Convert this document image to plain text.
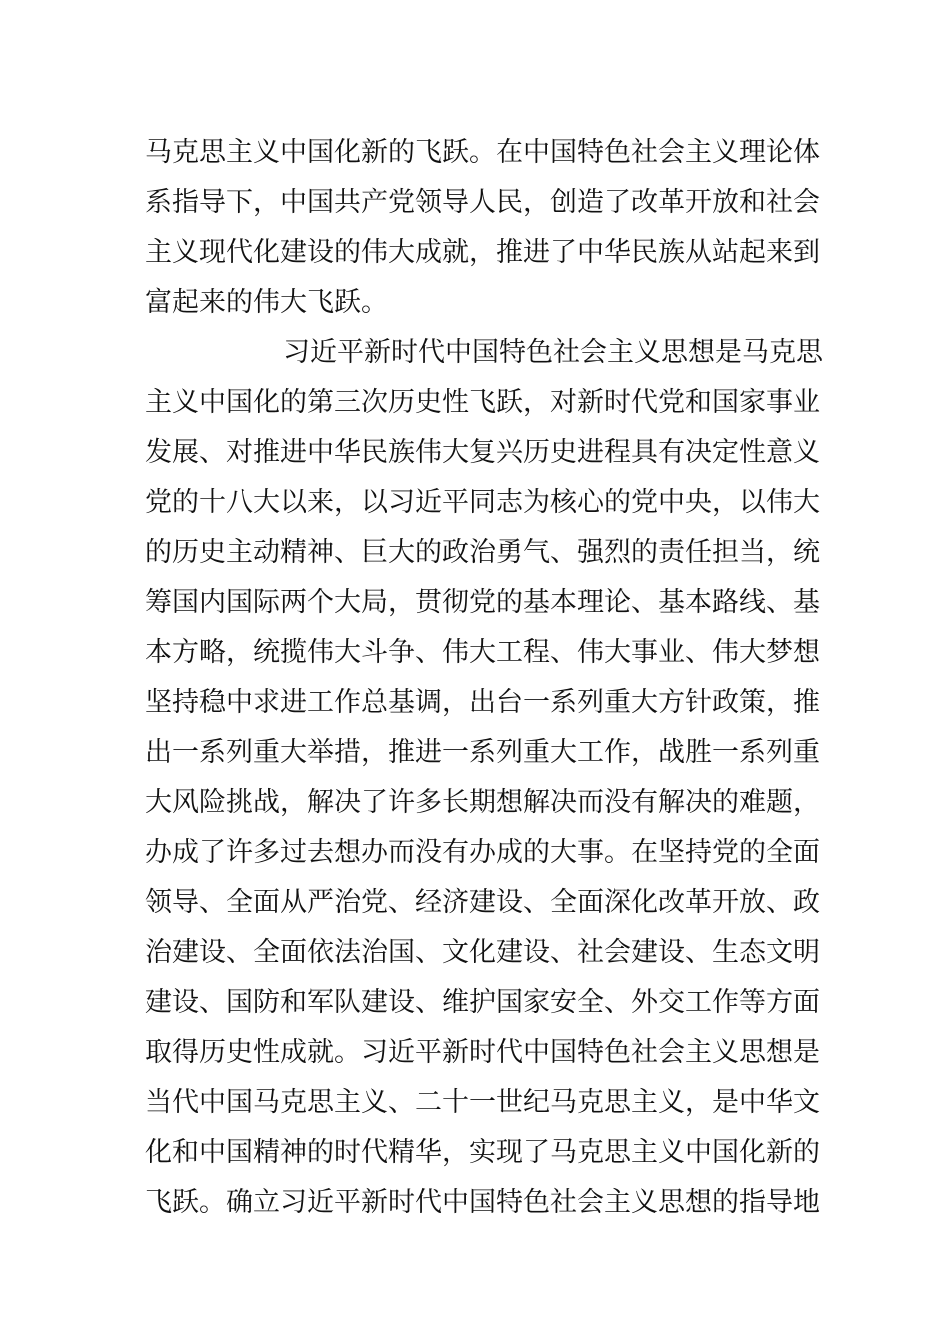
马克思主义中国化新的飞跃。在中国特色社会主义理论体
系指导下，中国共产党领导人民，创造了改革开放和社会
主义现代化建设的伟大成就，推进了中华民族从站起来到
富起来的伟大飞跃。
习近平新时代中国特色社会主义思想是马克思
主义中国化的第三次历史性飞跃，对新时代党和国家事业
发展、对推进中华民族伟大复兴历史进程具有决定性意义
党的十八大以来，以习近平同志为核心的党中央，以伟大
的历史主动精神、巨大的政治勇气、强烈的责任担当，统
筹国内国际两个大局，贯彻党的基本理论、基本路线、基
本方略，统揽伟大斗争、伟大工程、伟大事业、伟大梦想
坚持稳中求进工作总基调，出台一系列重大方针政策，推
出一系列重大举措，推进一系列重大工作，战胜一系列重
大风险挑战，解决了许多长期想解决而没有解决的难题，
办成了许多过去想办而没有办成的大事。在坚持党的全面
领导、全面从严治党、经济建设、全面深化改革开放、政
治建设、全面依法治国、文化建设、社会建设、生态文明
建设、国防和军队建设、维护国家安全、外交工作等方面
取得历史性成就。习近平新时代中国特色社会主义思想是
当代中国马克思主义、二十一世纪马克思主义，是中华文
化和中国精神的时代精华，实现了马克思主义中国化新的
飞跃。确立习近平新时代中国特色社会主义思想的指导地
